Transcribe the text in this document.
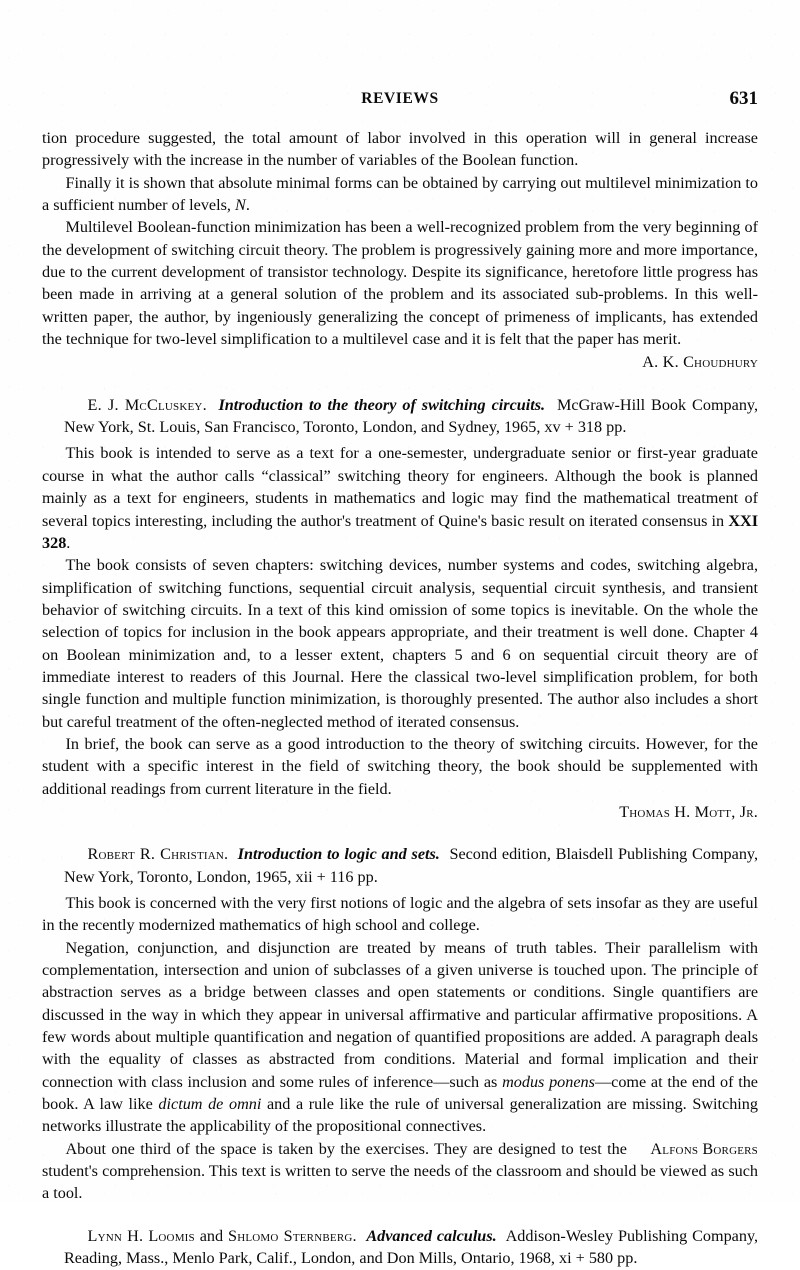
REVIEWS	631

tion procedure suggested, the total amount of labor involved in this operation will in general increase progressively with the increase in the number of variables of the Boolean function.

Finally it is shown that absolute minimal forms can be obtained by carrying out multilevel minimization to a sufficient number of levels, N.

Multilevel Boolean-function minimization has been a well-recognized problem from the very beginning of the development of switching circuit theory. The problem is progressively gaining more and more importance, due to the current development of transistor technology. Despite its significance, heretofore little progress has been made in arriving at a general solution of the problem and its associated sub-problems. In this well-written paper, the author, by ingeniously generalizing the concept of primeness of implicants, has extended the technique for two-level simplification to a multilevel case and it is felt that the paper has merit.

A. K. Choudhury

E. J. McCluskey. Introduction to the theory of switching circuits. McGraw-Hill Book Company, New York, St. Louis, San Francisco, Toronto, London, and Sydney, 1965, xv + 318 pp.

This book is intended to serve as a text for a one-semester, undergraduate senior or first-year graduate course in what the author calls “classical” switching theory for engineers. Although the book is planned mainly as a text for engineers, students in mathematics and logic may find the mathematical treatment of several topics interesting, including the author's treatment of Quine's basic result on iterated consensus in XXI 328.

The book consists of seven chapters: switching devices, number systems and codes, switching algebra, simplification of switching functions, sequential circuit analysis, sequential circuit synthesis, and transient behavior of switching circuits. In a text of this kind omission of some topics is inevitable. On the whole the selection of topics for inclusion in the book appears appropriate, and their treatment is well done. Chapter 4 on Boolean minimization and, to a lesser extent, chapters 5 and 6 on sequential circuit theory are of immediate interest to readers of this Journal. Here the classical two-level simplification problem, for both single function and multiple function minimization, is thoroughly presented. The author also includes a short but careful treatment of the often-neglected method of iterated consensus.

In brief, the book can serve as a good introduction to the theory of switching circuits. However, for the student with a specific interest in the field of switching theory, the book should be supplemented with additional readings from current literature in the field.

Thomas H. Mott, Jr.

Robert R. Christian. Introduction to logic and sets. Second edition, Blaisdell Publishing Company, New York, Toronto, London, 1965, xii + 116 pp.

This book is concerned with the very first notions of logic and the algebra of sets insofar as they are useful in the recently modernized mathematics of high school and college.

Negation, conjunction, and disjunction are treated by means of truth tables. Their parallelism with complementation, intersection and union of subclasses of a given universe is touched upon. The principle of abstraction serves as a bridge between classes and open statements or conditions. Single quantifiers are discussed in the way in which they appear in universal affirmative and particular affirmative propositions. A few words about multiple quantification and negation of quantified propositions are added. A paragraph deals with the equality of classes as abstracted from conditions. Material and formal implication and their connection with class inclusion and some rules of inference—such as modus ponens—come at the end of the book. A law like dictum de omni and a rule like the rule of universal generalization are missing. Switching networks illustrate the applicability of the propositional connectives.

Alfons Borgers
About one third of the space is taken by the exercises. They are designed to test the student's comprehension. This text is written to serve the needs of the classroom and should be viewed as such a tool.

Lynn H. Loomis and Shlomo Sternberg. Advanced calculus. Addison-Wesley Publishing Company, Reading, Mass., Menlo Park, Calif., London, and Don Mills, Ontario, 1968, xi + 580 pp.
